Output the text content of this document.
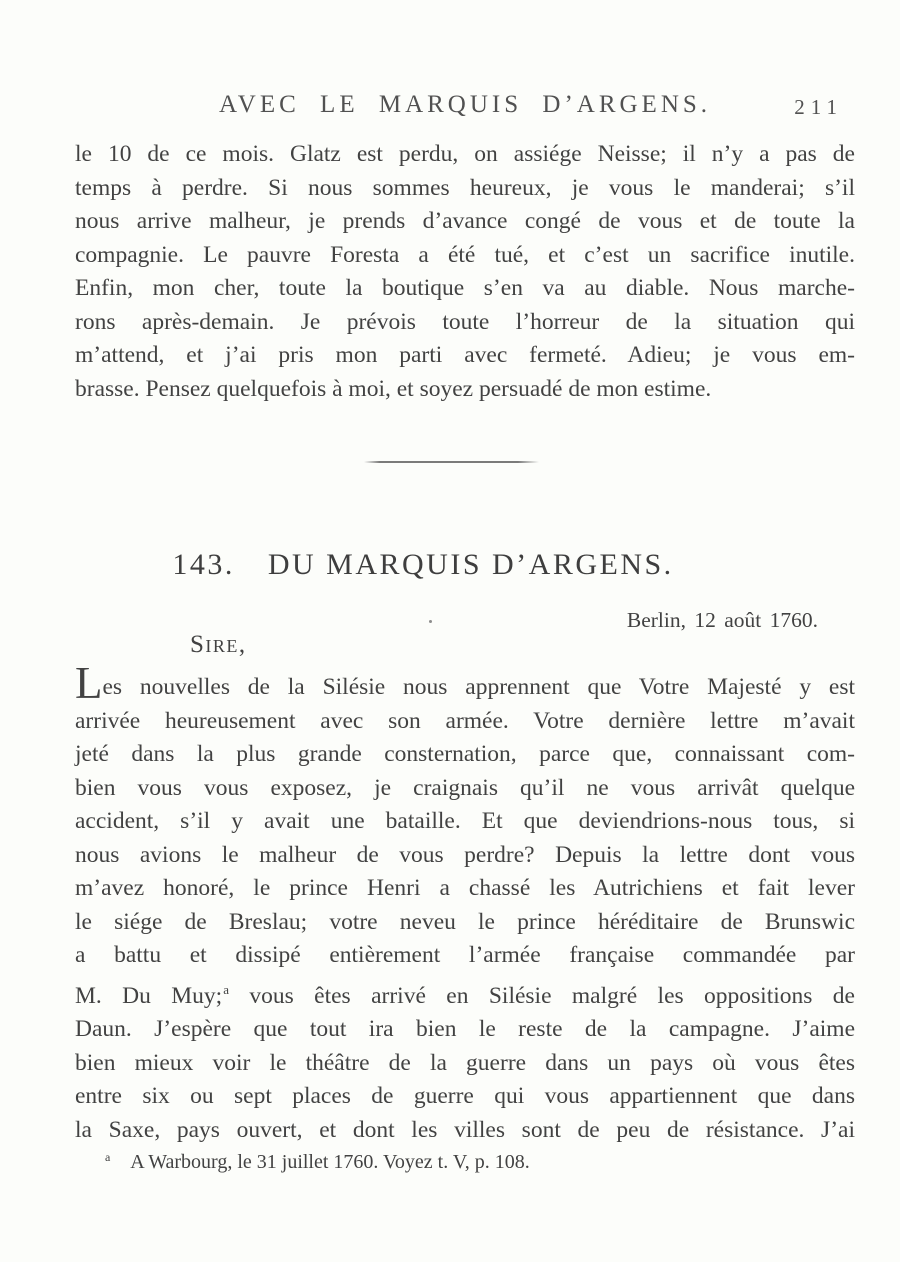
AVEC LE MARQUIS D’ARGENS.	211
le 10 de ce mois. Glatz est perdu, on assiége Neisse; il n’y a pas de
temps à perdre. Si nous sommes heureux, je vous le manderai; s’il
nous arrive malheur, je prends d’avance congé de vous et de toute la
compagnie. Le pauvre Foresta a été tué, et c’est un sacrifice inutile.
Enfin, mon cher, toute la boutique s’en va au diable. Nous marche-
rons après-demain. Je prévois toute l’horreur de la situation qui
m’attend, et j’ai pris mon parti avec fermeté. Adieu; je vous em-
brasse. Pensez quelquefois à moi, et soyez persuadé de mon estime.
143. DU MARQUIS D’ARGENS.
Berlin, 12 août 1760.
Sire,
Les nouvelles de la Silésie nous apprennent que Votre Majesté y est
arrivée heureusement avec son armée. Votre dernière lettre m’avait
jeté dans la plus grande consternation, parce que, connaissant com-
bien vous vous exposez, je craignais qu’il ne vous arrivât quelque
accident, s’il y avait une bataille. Et que deviendrions-nous tous, si
nous avions le malheur de vous perdre? Depuis la lettre dont vous
m’avez honoré, le prince Henri a chassé les Autrichiens et fait lever
le siége de Breslau; votre neveu le prince héréditaire de Brunswic
a battu et dissipé entièrement l’armée française commandée par
M. Du Muy;$^a$ vous êtes arrivé en Silésie malgré les oppositions de
Daun. J’espère que tout ira bien le reste de la campagne. J’aime
bien mieux voir le théâtre de la guerre dans un pays où vous êtes
entre six ou sept places de guerre qui vous appartiennent que dans
la Saxe, pays ouvert, et dont les villes sont de peu de résistance. J’ai
$^a$ A Warbourg, le 31 juillet 1760. Voyez t. V, p. 108.
